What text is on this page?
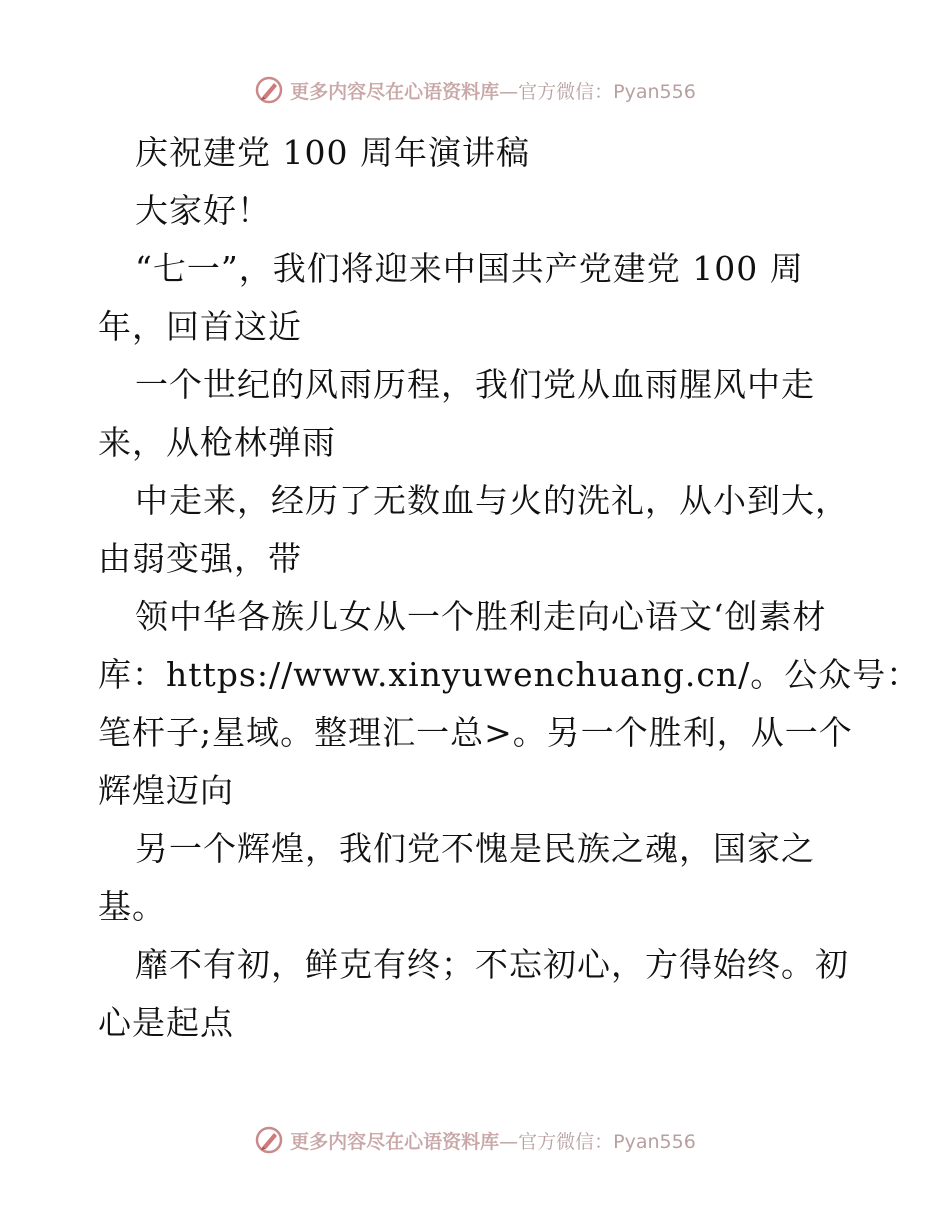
更多内容尽在心语资料库—官方微信：Pyan556
庆祝建党 100 周年演讲稿
大家好！
“七一”，我们将迎来中国共产党建党 100 周
年，回首这近
一个世纪的风雨历程，我们党从血雨腥风中走
来，从枪林弹雨
中走来，经历了无数血与火的洗礼，从小到大，
由弱变强，带
领中华各族儿女从一个胜利走向心语文‘创素材
库：https://www.xinyuwenchuang.cn/。公众号：
笔杆子;星域。整理汇一总>。另一个胜利，从一个
辉煌迈向
另一个辉煌，我们党不愧是民族之魂，国家之
基。
靡不有初，鲜克有终；不忘初心，方得始终。初
心是起点
更多内容尽在心语资料库—官方微信：Pyan556
